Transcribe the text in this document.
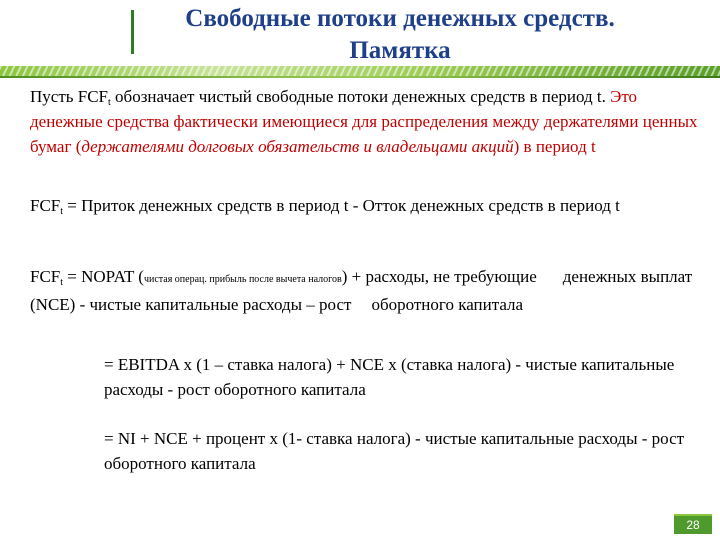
Свободные потоки денежных средств.
Памятка

Пусть $FCF_t$ обозначает чистый свободные потоки денежных средств в период t. Это денежные средства фактически имеющиеся для распределения между держателями ценных бумаг (держателями долговых обязательств и владельцами акций) в период t

$FCF_t$ = Приток денежных средств в период t - Отток денежных средств в период t

$FCF_t$ = NOPAT (чистая операц. прибыль после вычета налогов) + расходы, не требующие денежных выплат (NCE) - чистые капитальные расходы – рост оборотного капитала

= EBITDA x (1 – ставка налога) + NCE x (ставка налога) - чистые капитальные расходы - рост оборотного капитала

= NI + NCE + процент x (1- ставка налога) - чистые капитальные расходы - рост оборотного капитала

28
